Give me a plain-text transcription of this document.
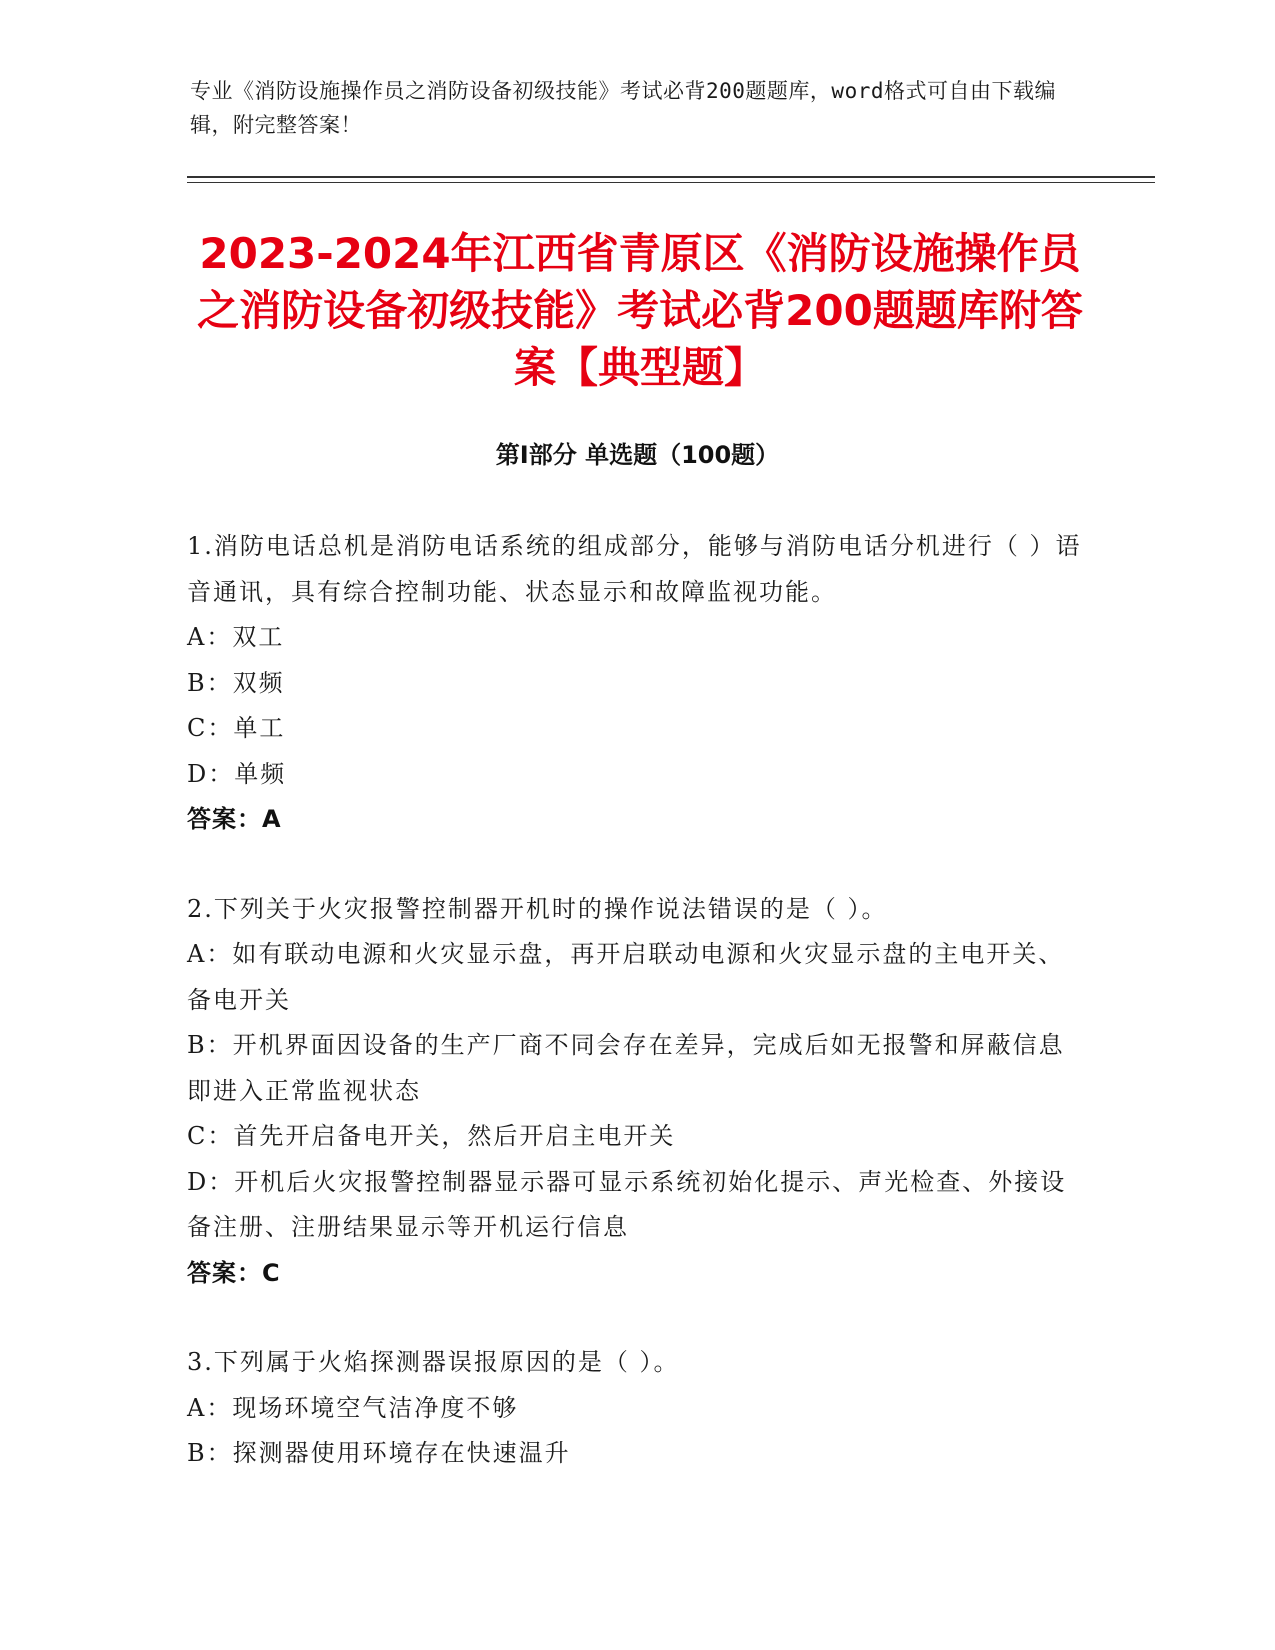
专业《消防设施操作员之消防设备初级技能》考试必背200题题库，word格式可自由下载编辑，附完整答案！
2023-2024年江西省青原区《消防设施操作员之消防设备初级技能》考试必背200题题库附答案【典型题】
第Ⅰ部分 单选题（100题）
1.消防电话总机是消防电话系统的组成部分，能够与消防电话分机进行（ ）语音通讯，具有综合控制功能、状态显示和故障监视功能。
A：双工
B：双频
C：单工
D：单频
答案：A
2.下列关于火灾报警控制器开机时的操作说法错误的是（ ）。
A：如有联动电源和火灾显示盘，再开启联动电源和火灾显示盘的主电开关、备电开关
B：开机界面因设备的生产厂商不同会存在差异，完成后如无报警和屏蔽信息即进入正常监视状态
C：首先开启备电开关，然后开启主电开关
D：开机后火灾报警控制器显示器可显示系统初始化提示、声光检查、外接设备注册、注册结果显示等开机运行信息
答案：C
3.下列属于火焰探测器误报原因的是（ ）。
A：现场环境空气洁净度不够
B：探测器使用环境存在快速温升
